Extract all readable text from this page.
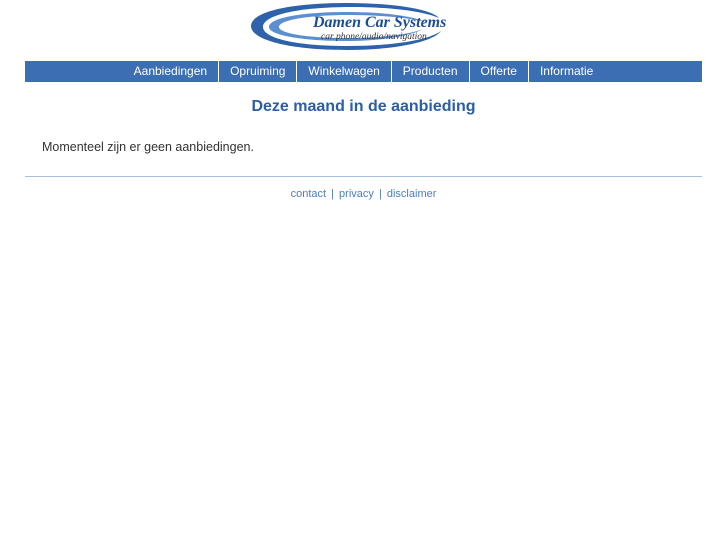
Damen Car Systems
car phone/audio/navigation
Aanbiedingen	Opruiming	Winkelwagen	Producten	Offerte	Informatie
Deze maand in de aanbieding
Momenteel zijn er geen aanbiedingen.
contact | privacy | disclaimer
